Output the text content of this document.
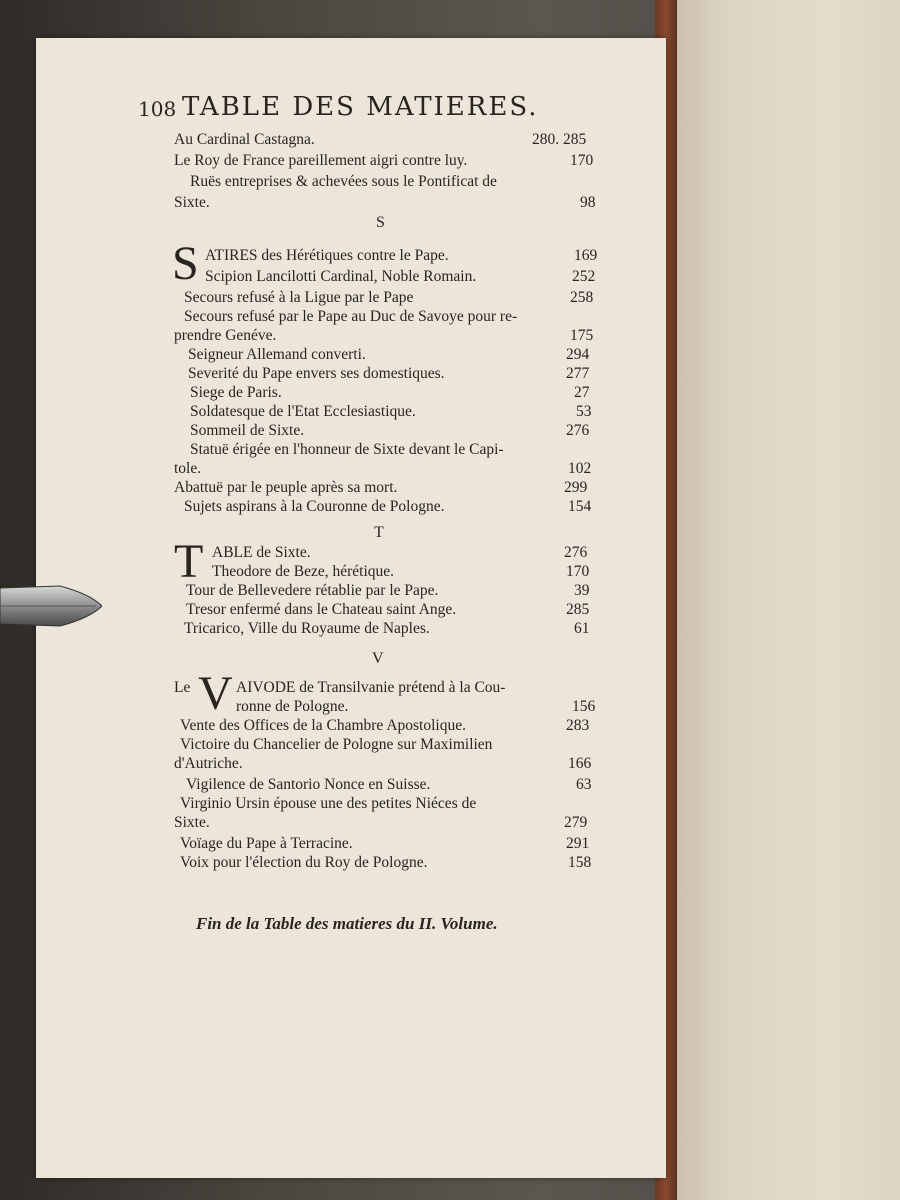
108 TABLE DES MATIERES.
Au Cardinal Castagna.	280. 285
Le Roy de France pareillement aigri contre luy.	170
Ruës entreprises & achevées sous le Pontificat de
Sixte.	98
S
S ATIRES des Hérétiques contre le Pape.	169
Scipion Lancilotti Cardinal, Noble Romain.	252
Secours refusé à la Ligue par le Pape	258
Secours refusé par le Pape au Duc de Savoye pour re-
prendre Genéve.	175
Seigneur Allemand converti.	294
Severité du Pape envers ses domestiques.	277
Siege de Paris.	27
Soldatesque de l'Etat Ecclesiastique.	53
Sommeil de Sixte.	276
Statuë érigée en l'honneur de Sixte devant le Capi-
tole.	102
Abattuë par le peuple après sa mort.	299
Sujets aspirans à la Couronne de Pologne.	154
T
T ABLE de Sixte.	276
Theodore de Beze, hérétique.	170
Tour de Bellevedere rétablie par le Pape.	39
Tresor enfermé dans le Chateau saint Ange.	285
Tricarico, Ville du Royaume de Naples.	61
V
Le V AIVODE de Transilvanie prétend à la Cou-
ronne de Pologne.	156
Vente des Offices de la Chambre Apostolique.	283
Victoire du Chancelier de Pologne sur Maximilien
d'Autriche.	166
Vigilence de Santorio Nonce en Suisse.	63
Virginio Ursin épouse une des petites Niéces de
Sixte.	279
Voïage du Pape à Terracine.	291
Voix pour l'élection du Roy de Pologne.	158
Fin de la Table des matieres du II. Volume.
